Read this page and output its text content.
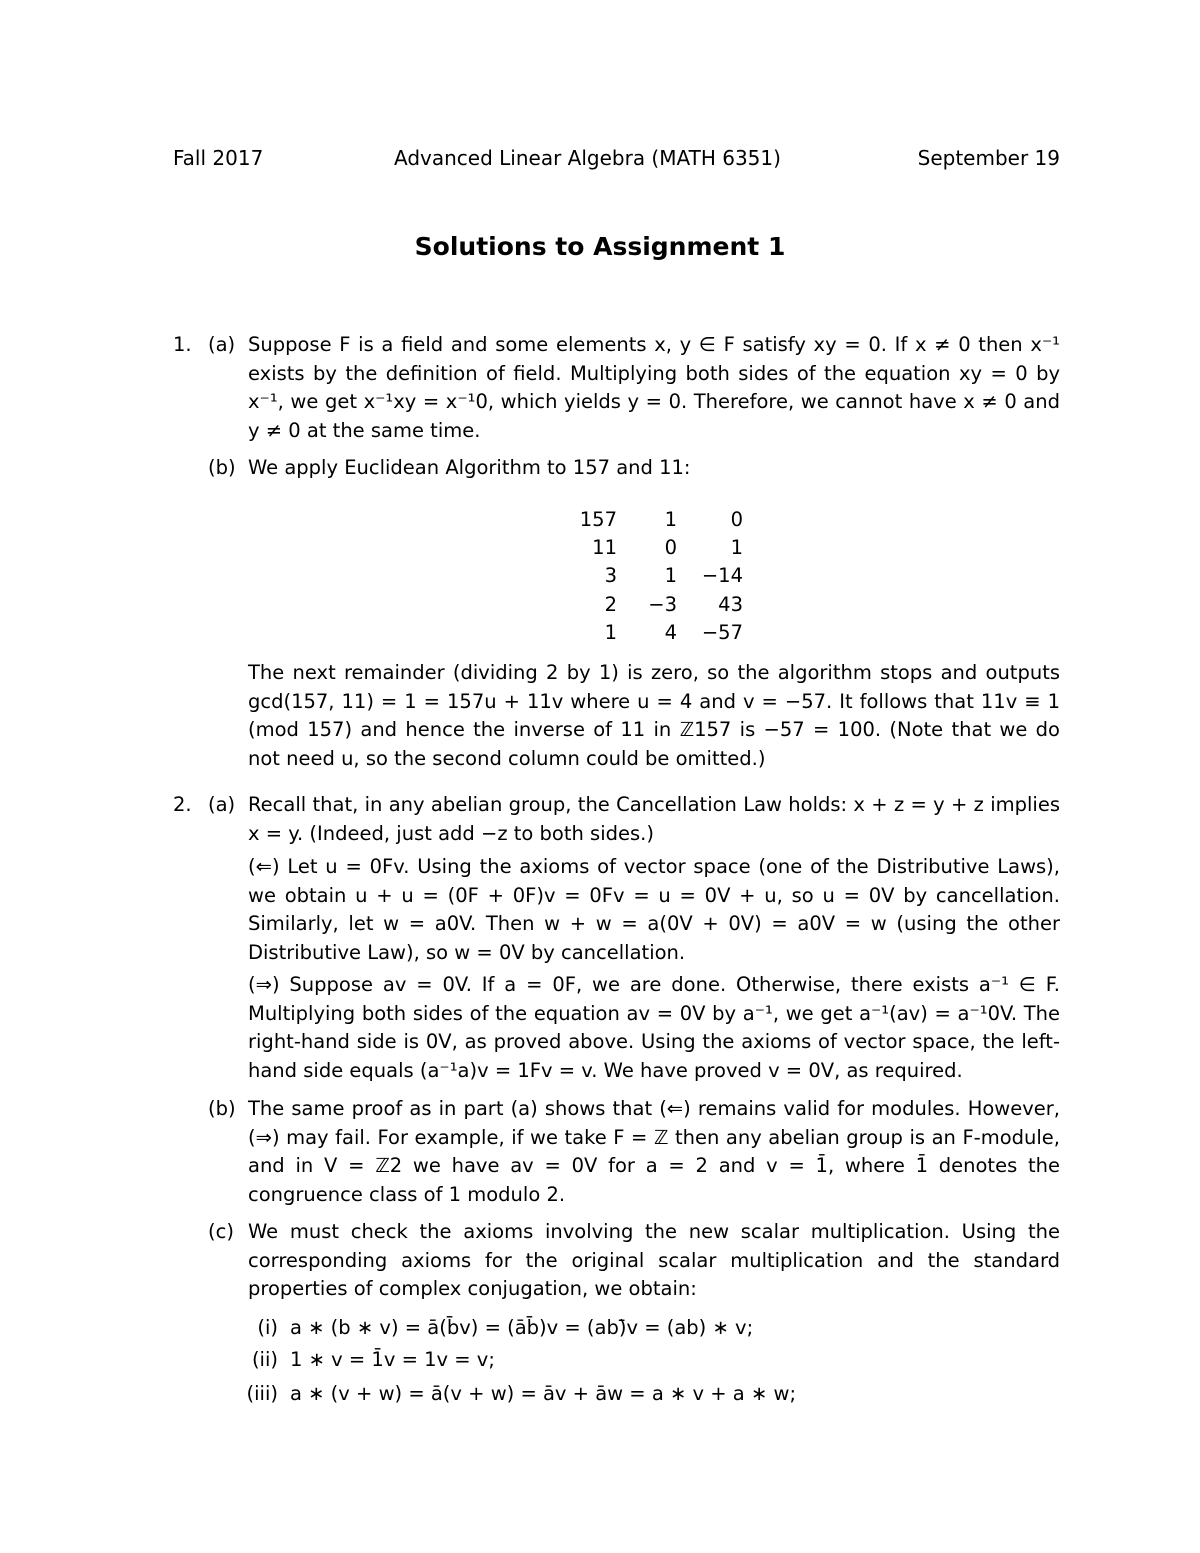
Fall 2017	Advanced Linear Algebra (MATH 6351)	September 19
Solutions to Assignment 1
1. (a) Suppose F is a field and some elements x, y ∈ F satisfy xy = 0. If x ≠ 0 then x⁻¹ exists by the definition of field. Multiplying both sides of the equation xy = 0 by x⁻¹, we get x⁻¹xy = x⁻¹0, which yields y = 0. Therefore, we cannot have x ≠ 0 and y ≠ 0 at the same time.
(b) We apply Euclidean Algorithm to 157 and 11:
157	1	0
11	0	1
3	1	−14
2	−3	43
1	4	−57
The next remainder (dividing 2 by 1) is zero, so the algorithm stops and outputs gcd(157, 11) = 1 = 157u + 11v where u = 4 and v = −57. It follows that 11v ≡ 1 (mod 157) and hence the inverse of 11 in ℤ157 is −57 = 100. (Note that we do not need u, so the second column could be omitted.)
2. (a) Recall that, in any abelian group, the Cancellation Law holds: x + z = y + z implies x = y. (Indeed, just add −z to both sides.)
(⇐) Let u = 0Fv. Using the axioms of vector space (one of the Distributive Laws), we obtain u + u = (0F + 0F)v = 0Fv = u = 0V + u, so u = 0V by cancellation. Similarly, let w = a0V. Then w + w = a(0V + 0V) = a0V = w (using the other Distributive Law), so w = 0V by cancellation.
(⇒) Suppose av = 0V. If a = 0F, we are done. Otherwise, there exists a⁻¹ ∈ F. Multiplying both sides of the equation av = 0V by a⁻¹, we get a⁻¹(av) = a⁻¹0V. The right-hand side is 0V, as proved above. Using the axioms of vector space, the left-hand side equals (a⁻¹a)v = 1Fv = v. We have proved v = 0V, as required.
(b) The same proof as in part (a) shows that (⇐) remains valid for modules. However, (⇒) may fail. For example, if we take F = ℤ then any abelian group is an F-module, and in V = ℤ2 we have av = 0V for a = 2 and v = 1̄, where 1̄ denotes the congruence class of 1 modulo 2.
(c) We must check the axioms involving the new scalar multiplication. Using the corresponding axioms for the original scalar multiplication and the standard properties of complex conjugation, we obtain:
(i) a ∗ (b ∗ v) = ā(b̄v) = (āb̄)v = (ab)̄v = (ab) ∗ v;
(ii) 1 ∗ v = 1̄v = 1v = v;
(iii) a ∗ (v + w) = ā(v + w) = āv + āw = a ∗ v + a ∗ w;
